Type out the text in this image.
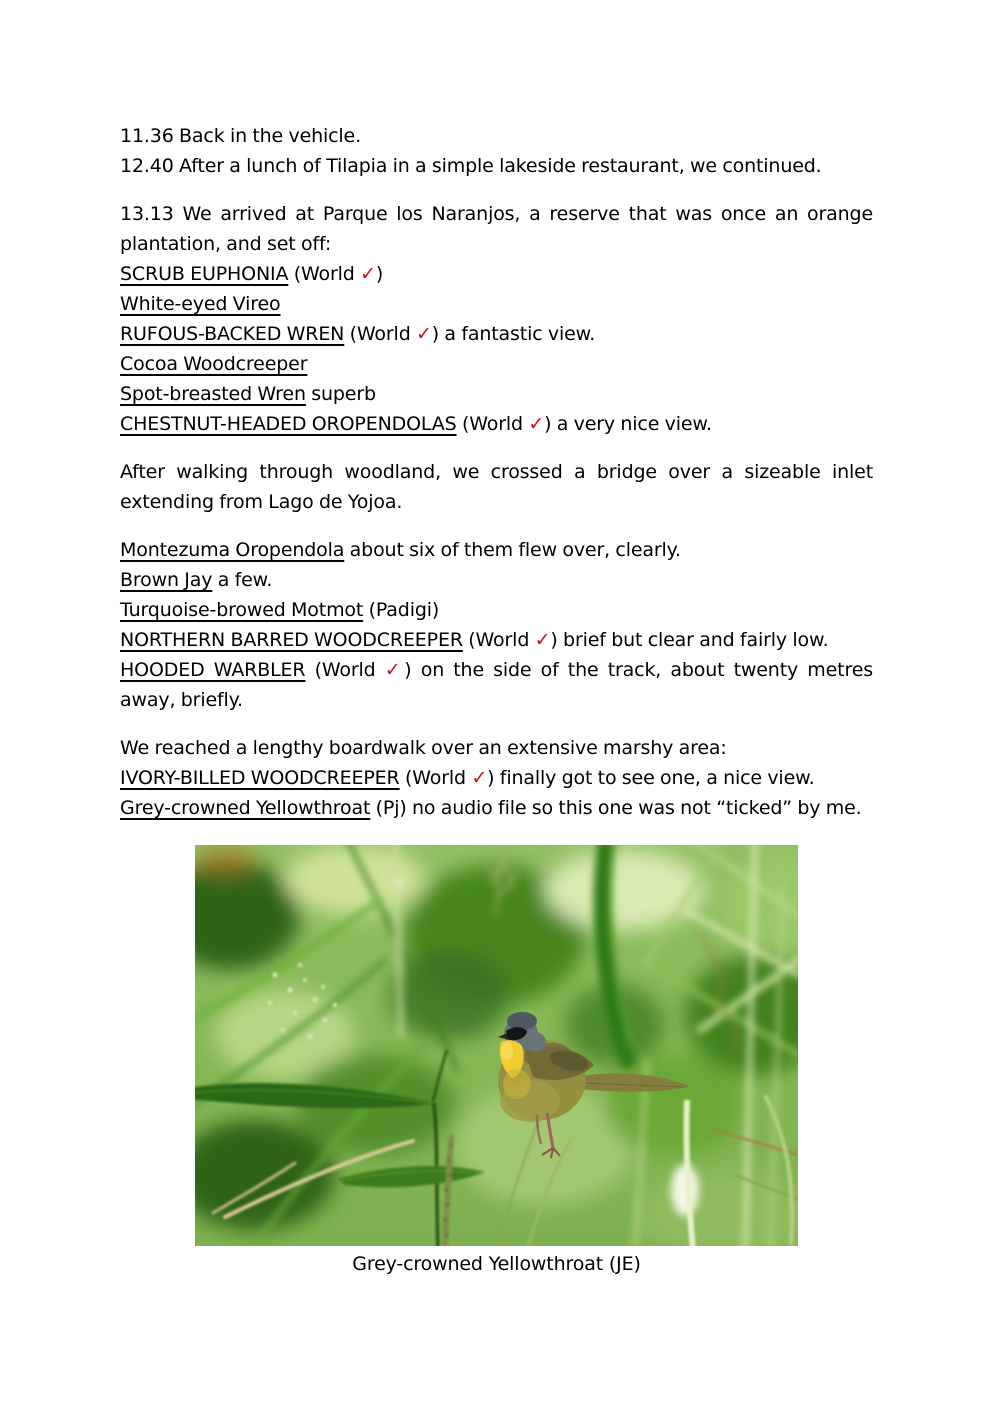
11.36 Back in the vehicle.

12.40 After a lunch of Tilapia in a simple lakeside restaurant, we continued.

13.13 We arrived at Parque los Naranjos, a reserve that was once an orange plantation, and set off:

SCRUB EUPHONIA (World ✓)

White-eyed Vireo

RUFOUS-BACKED WREN (World ✓) a fantastic view.

Cocoa Woodcreeper

Spot-breasted Wren superb

CHESTNUT-HEADED OROPENDOLAS (World ✓) a very nice view.

After walking through woodland, we crossed a bridge over a sizeable inlet extending from Lago de Yojoa.

Montezuma Oropendola about six of them flew over, clearly.

Brown Jay a few.

Turquoise-browed Motmot (Padigi)

NORTHERN BARRED WOODCREEPER (World ✓) brief but clear and fairly low.

HOODED WARBLER (World ✓) on the side of the track, about twenty metres away, briefly.

We reached a lengthy boardwalk over an extensive marshy area:

IVORY-BILLED WOODCREEPER (World ✓) finally got to see one, a nice view.

Grey-crowned Yellowthroat (Pj) no audio file so this one was not “ticked” by me.

Grey-crowned Yellowthroat (JE)
